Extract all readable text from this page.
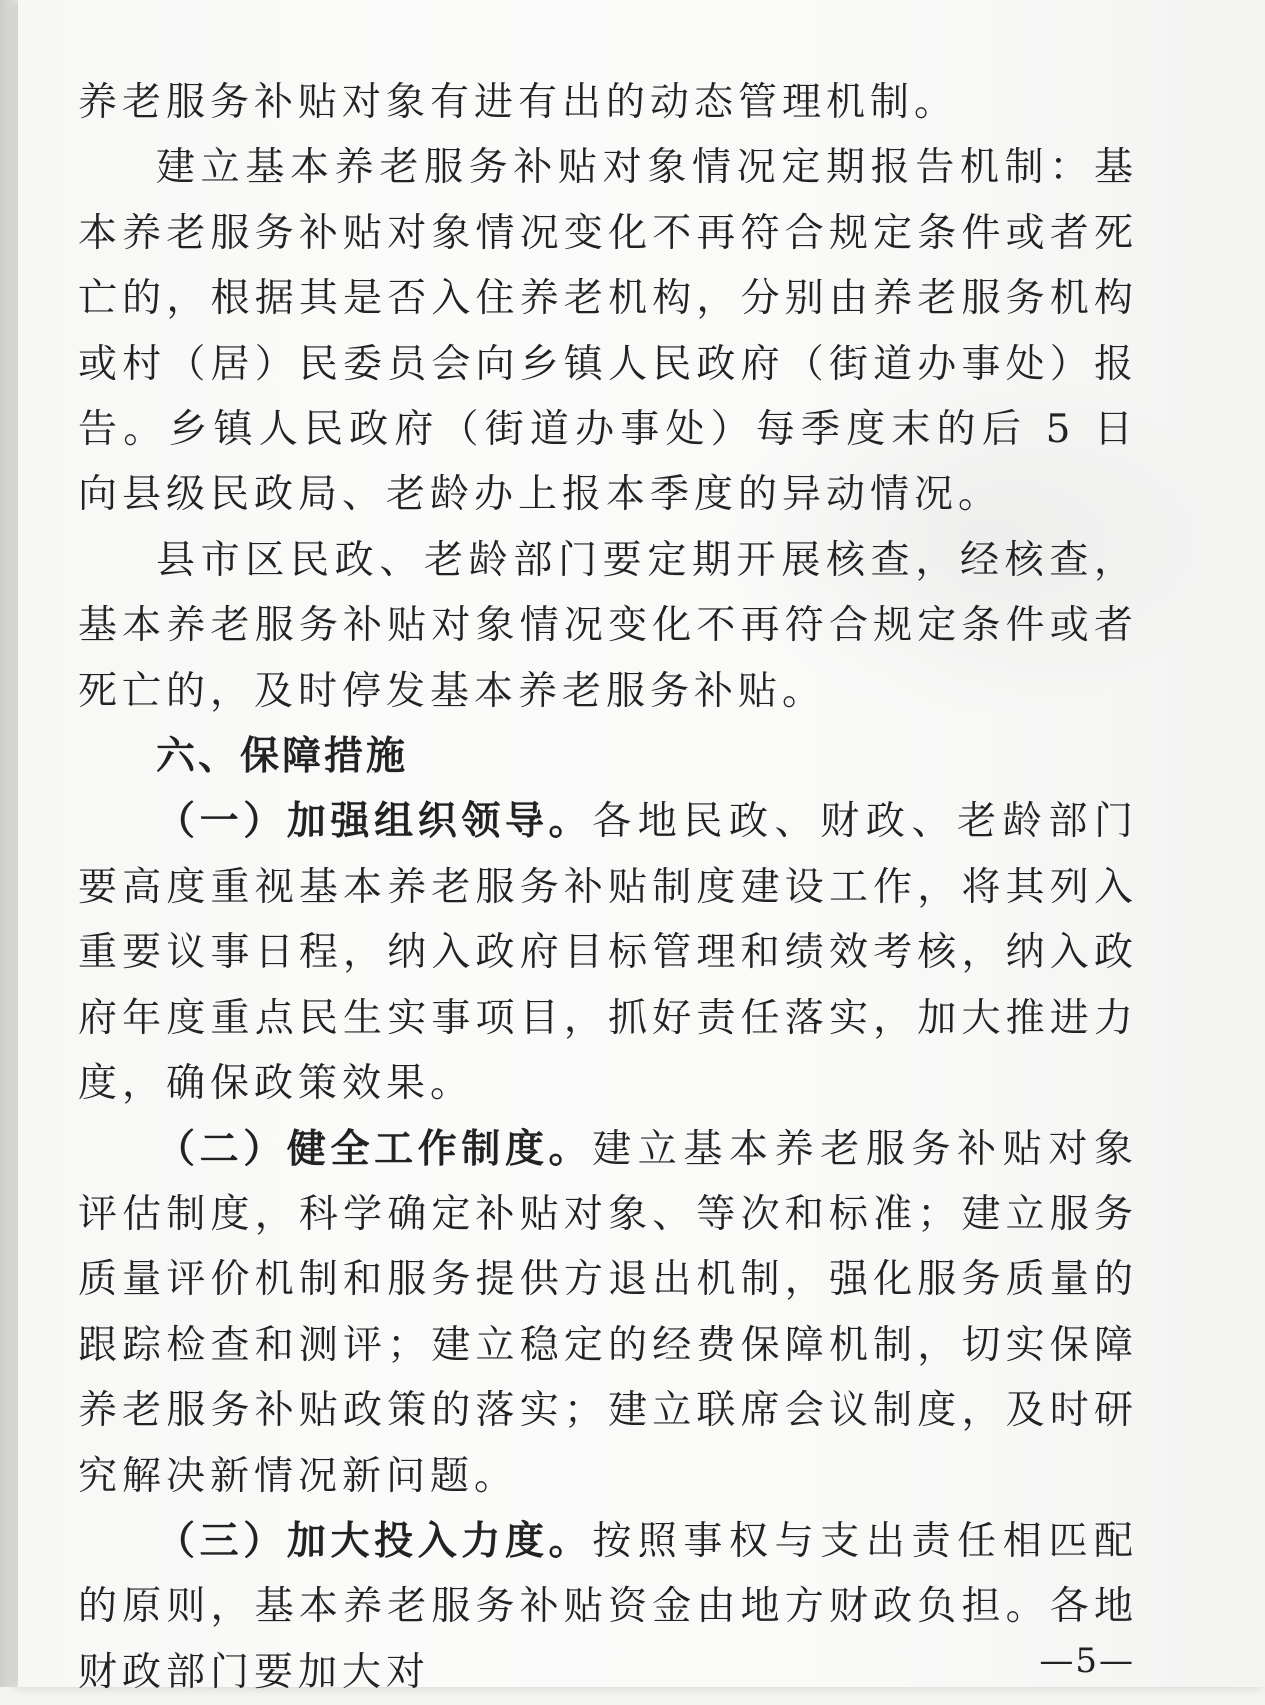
养老服务补贴对象有进有出的动态管理机制。

建立基本养老服务补贴对象情况定期报告机制：基本养老服务补贴对象情况变化不再符合规定条件或者死亡的，根据其是否入住养老机构，分别由养老服务机构或村（居）民委员会向乡镇人民政府（街道办事处）报告。乡镇人民政府（街道办事处）每季度末的后 5 日向县级民政局、老龄办上报本季度的异动情况。

县市区民政、老龄部门要定期开展核查，经核查，基本养老服务补贴对象情况变化不再符合规定条件或者死亡的，及时停发基本养老服务补贴。

六、保障措施

（一）加强组织领导。各地民政、财政、老龄部门要高度重视基本养老服务补贴制度建设工作，将其列入重要议事日程，纳入政府目标管理和绩效考核，纳入政府年度重点民生实事项目，抓好责任落实，加大推进力度，确保政策效果。

（二）健全工作制度。建立基本养老服务补贴对象评估制度，科学确定补贴对象、等次和标准；建立服务质量评价机制和服务提供方退出机制，强化服务质量的跟踪检查和测评；建立稳定的经费保障机制，切实保障养老服务补贴政策的落实；建立联席会议制度，及时研究解决新情况新问题。

（三）加大投入力度。按照事权与支出责任相匹配的原则，基本养老服务补贴资金由地方财政负担。各地财政部门要加大对	—5—
